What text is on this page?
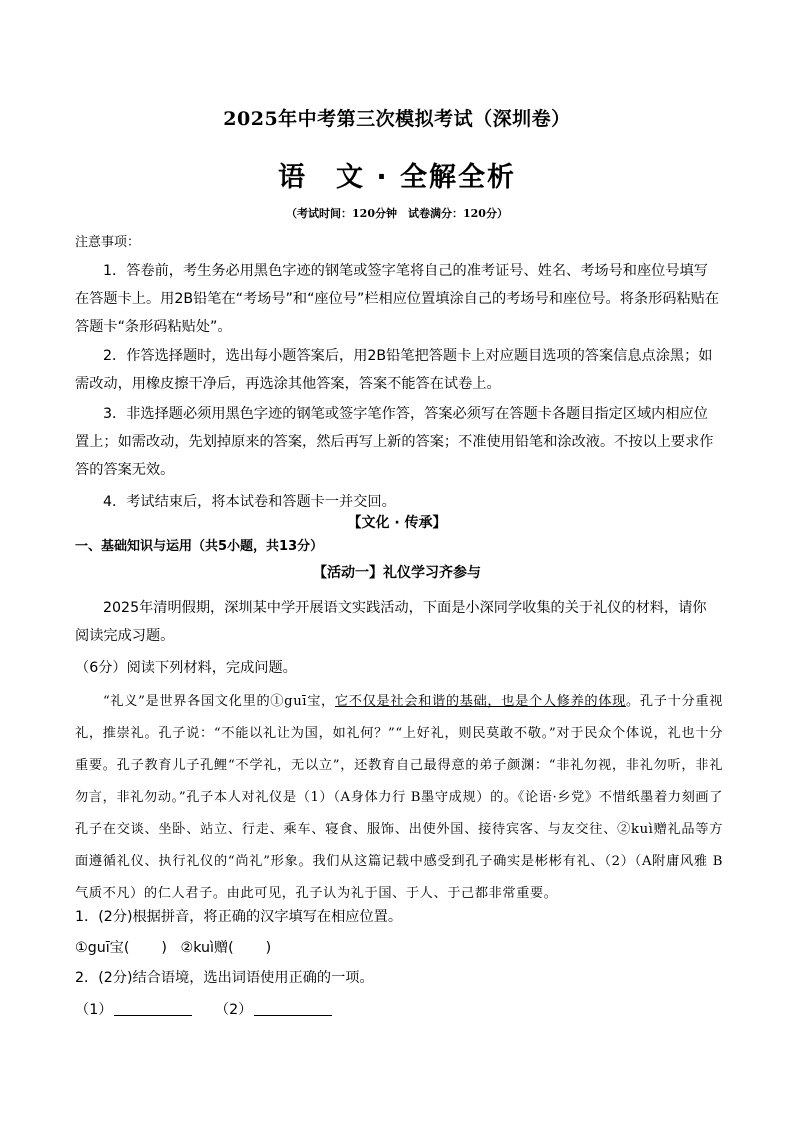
2025年中考第三次模拟考试（深圳卷）
语　文 · 全解全析
（考试时间：120分钟　试卷满分：120分）
注意事项：
1．答卷前，考生务必用黑色字迹的钢笔或签字笔将自己的准考证号、姓名、考场号和座位号填写在答题卡上。用2B铅笔在“考场号”和“座位号”栏相应位置填涂自己的考场号和座位号。将条形码粘贴在答题卡“条形码粘贴处”。
2．作答选择题时，选出每小题答案后，用2B铅笔把答题卡上对应题目选项的答案信息点涂黑；如需改动，用橡皮擦干净后，再选涂其他答案，答案不能答在试卷上。
3．非选择题必须用黑色字迹的钢笔或签字笔作答，答案必须写在答题卡各题目指定区域内相应位置上；如需改动，先划掉原来的答案，然后再写上新的答案；不准使用铅笔和涂改液。不按以上要求作答的答案无效。
4．考试结束后，将本试卷和答题卡一并交回。
【文化 · 传承】
一、基础知识与运用（共5小题，共13分）
【活动一】礼仪学习齐参与
2025年清明假期，深圳某中学开展语文实践活动，下面是小深同学收集的关于礼仪的材料，请你阅读完成习题。
（6分）阅读下列材料，完成问题。
“礼义”是世界各国文化里的①guī宝，它不仅是社会和谐的基础，也是个人修养的体现。孔子十分重视礼，推崇礼。孔子说：“不能以礼让为国，如礼何？”“上好礼，则民莫敢不敬。”对于民众个体说，礼也十分重要。孔子教育儿子孔鲤“不学礼，无以立”，还教育自己最得意的弟子颜渊：“非礼勿视，非礼勿听，非礼勿言，非礼勿动。”孔子本人对礼仪是（1）（A身体力行 B墨守成规）的。《论语·乡党》不惜纸墨着力刻画了孔子在交谈、坐卧、站立、行走、乘车、寝食、服饰、出使外国、接待宾客、与友交往、②kuì赠礼品等方面遵循礼仪、执行礼仪的“尚礼”形象。我们从这篇记载中感受到孔子确实是彬彬有礼、（2）（A附庸风雅 B气质不凡）的仁人君子。由此可见，孔子认为礼于国、于人、于己都非常重要。
1．(2分)根据拼音，将正确的汉字填写在相应位置。
①guī宝( ) ②kuì赠( )
2．(2分)结合语境，选出词语使用正确的一项。
（1）	（2）
